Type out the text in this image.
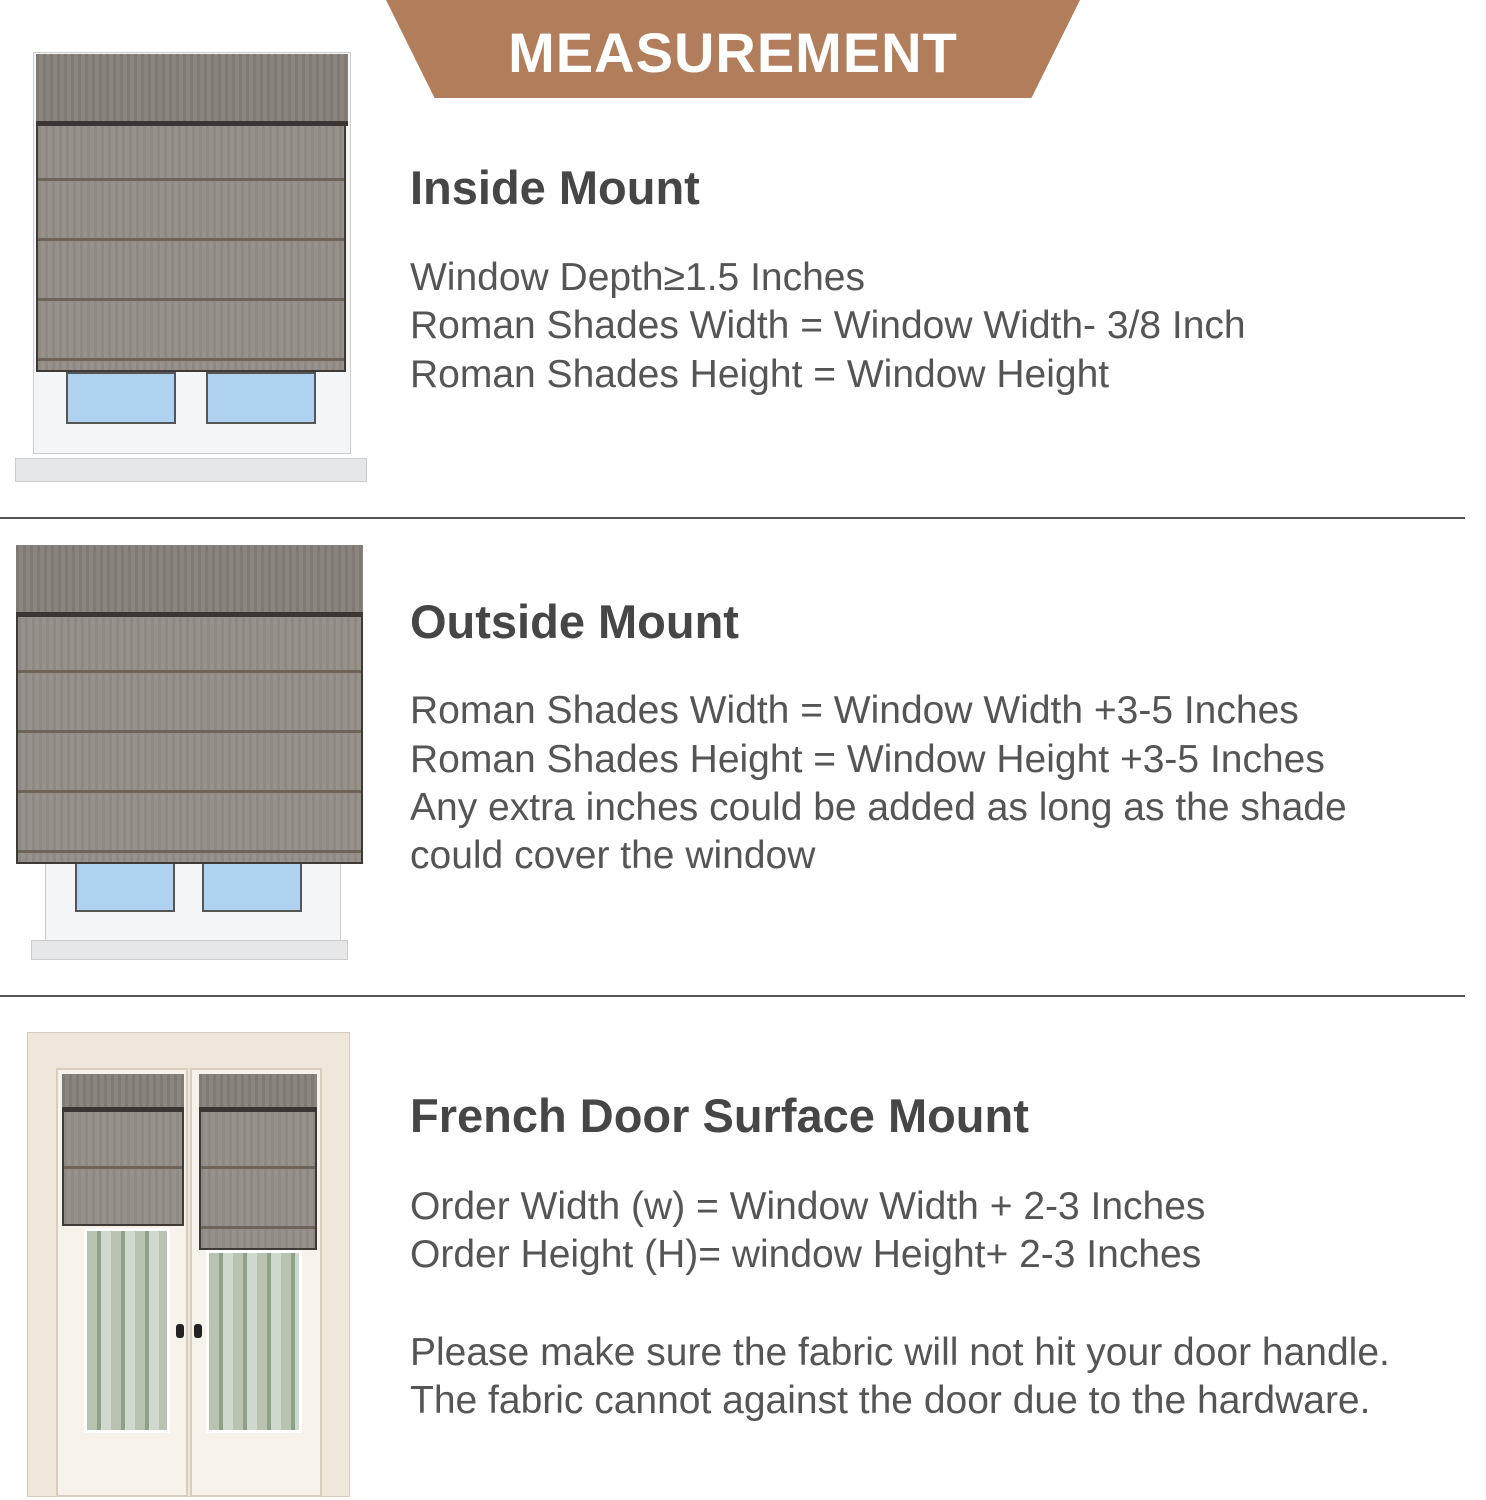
MEASUREMENT
Inside Mount
Window Depth≥1.5 Inches
Roman Shades Width = Window Width- 3/8 Inch
Roman Shades Height = Window Height
Outside Mount
Roman Shades Width = Window Width +3-5 Inches
Roman Shades Height = Window Height +3-5 Inches
Any extra inches could be added as long as the shade
could cover the window
French Door Surface Mount
Order Width (w) = Window Width + 2-3 Inches
Order Height (H)= window Height+ 2-3 Inches
Please make sure the fabric will not hit your door handle.
The fabric cannot against the door due to the hardware.
